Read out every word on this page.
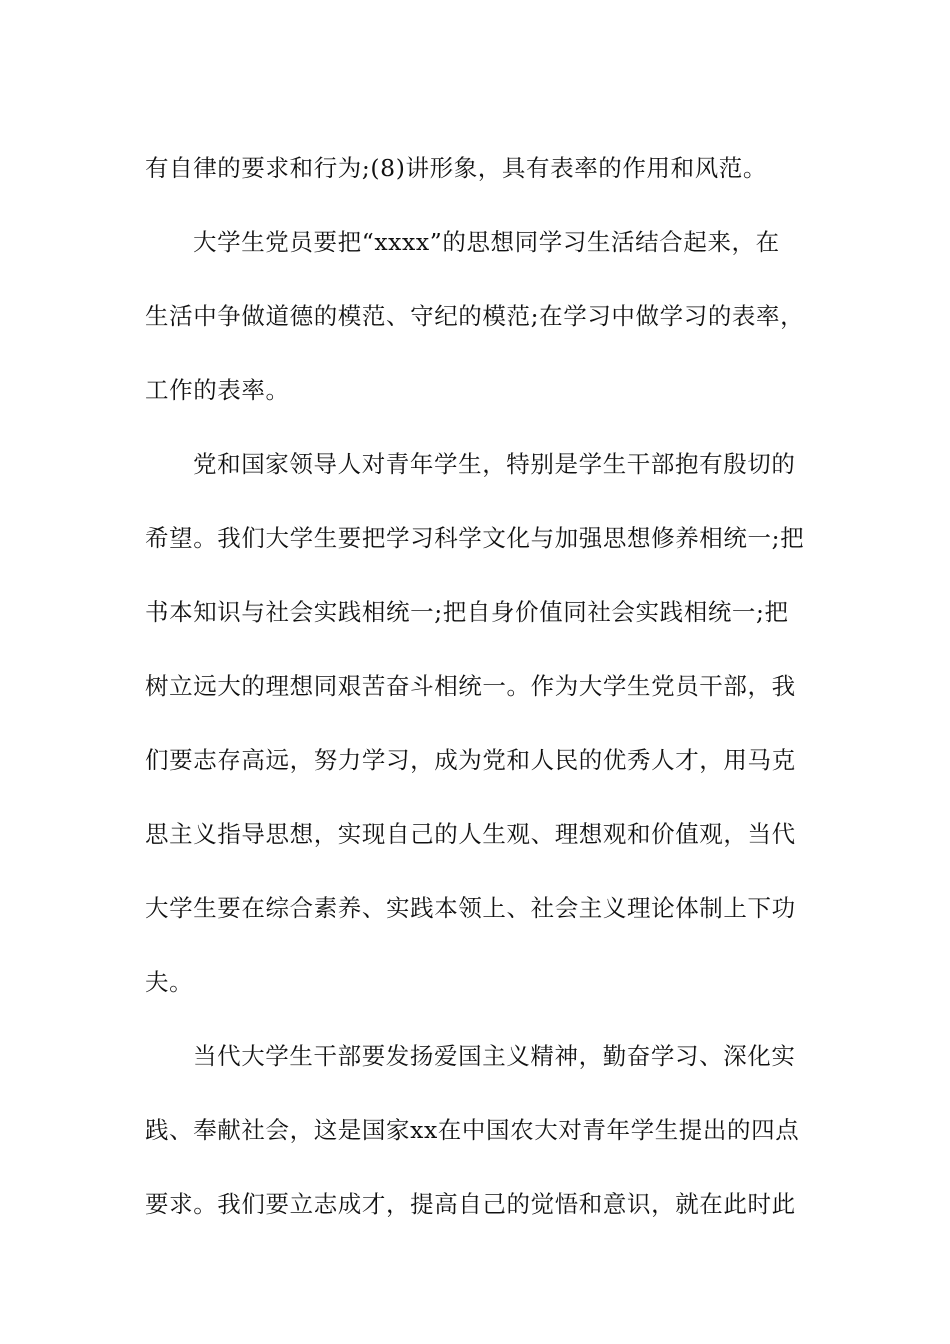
有自律的要求和行为;(8)讲形象，具有表率的作用和风范。
大学生党员要把“xxxx”的思想同学习生活结合起来，在
生活中争做道德的模范、守纪的模范;在学习中做学习的表率，
工作的表率。
党和国家领导人对青年学生，特别是学生干部抱有殷切的
希望。我们大学生要把学习科学文化与加强思想修养相统一;把
书本知识与社会实践相统一;把自身价值同社会实践相统一;把
树立远大的理想同艰苦奋斗相统一。作为大学生党员干部，我
们要志存高远，努力学习，成为党和人民的优秀人才，用马克
思主义指导思想，实现自己的人生观、理想观和价值观，当代
大学生要在综合素养、实践本领上、社会主义理论体制上下功
夫。
当代大学生干部要发扬爱国主义精神，勤奋学习、深化实
践、奉献社会，这是国家xx在中国农大对青年学生提出的四点
要求。我们要立志成才，提高自己的觉悟和意识，就在此时此
